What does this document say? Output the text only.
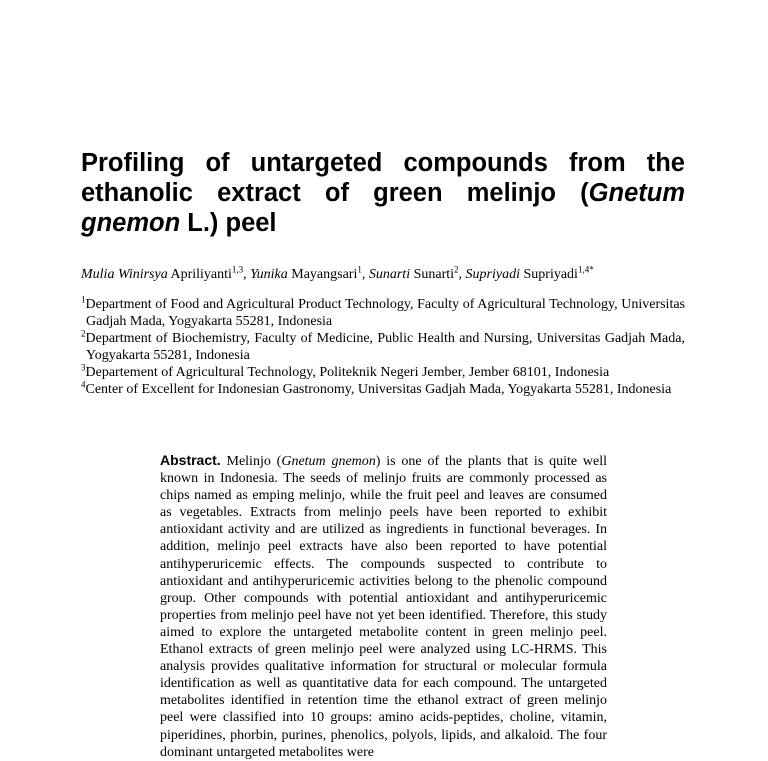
Profiling of untargeted compounds from the ethanolic extract of green melinjo (Gnetum gnemon L.) peel
Mulia Winirsya Apriliyanti$^{1,3}$, Yunika Mayangsari$^1$, Sunarti Sunarti$^2$, Supriyadi Supriyadi$^{1,4*}$

$^1$Department of Food and Agricultural Product Technology, Faculty of Agricultural Technology, Universitas Gadjah Mada, Yogyakarta 55281, Indonesia

$^2$Department of Biochemistry, Faculty of Medicine, Public Health and Nursing, Universitas Gadjah Mada, Yogyakarta 55281, Indonesia

$^3$Departement of Agricultural Technology, Politeknik Negeri Jember, Jember 68101, Indonesia

$^4$Center of Excellent for Indonesian Gastronomy, Universitas Gadjah Mada, Yogyakarta 55281, Indonesia

Abstract. Melinjo (Gnetum gnemon) is one of the plants that is quite well known in Indonesia. The seeds of melinjo fruits are commonly processed as chips named as emping melinjo, while the fruit peel and leaves are consumed as vegetables. Extracts from melinjo peels have been reported to exhibit antioxidant activity and are utilized as ingredients in functional beverages. In addition, melinjo peel extracts have also been reported to have potential antihyperuricemic effects. The compounds suspected to contribute to antioxidant and antihyperuricemic activities belong to the phenolic compound group. Other compounds with potential antioxidant and antihyperuricemic properties from melinjo peel have not yet been identified. Therefore, this study aimed to explore the untargeted metabolite content in green melinjo peel. Ethanol extracts of green melinjo peel were analyzed using LC-HRMS. This analysis provides qualitative information for structural or molecular formula identification as well as quantitative data for each compound. The untargeted metabolites identified in retention time the ethanol extract of green melinjo peel were classified into 10 groups: amino acids-peptides, choline, vitamin, piperidines, phorbin, purines, phenolics, polyols, lipids, and alkaloid. The four dominant untargeted metabolites were
